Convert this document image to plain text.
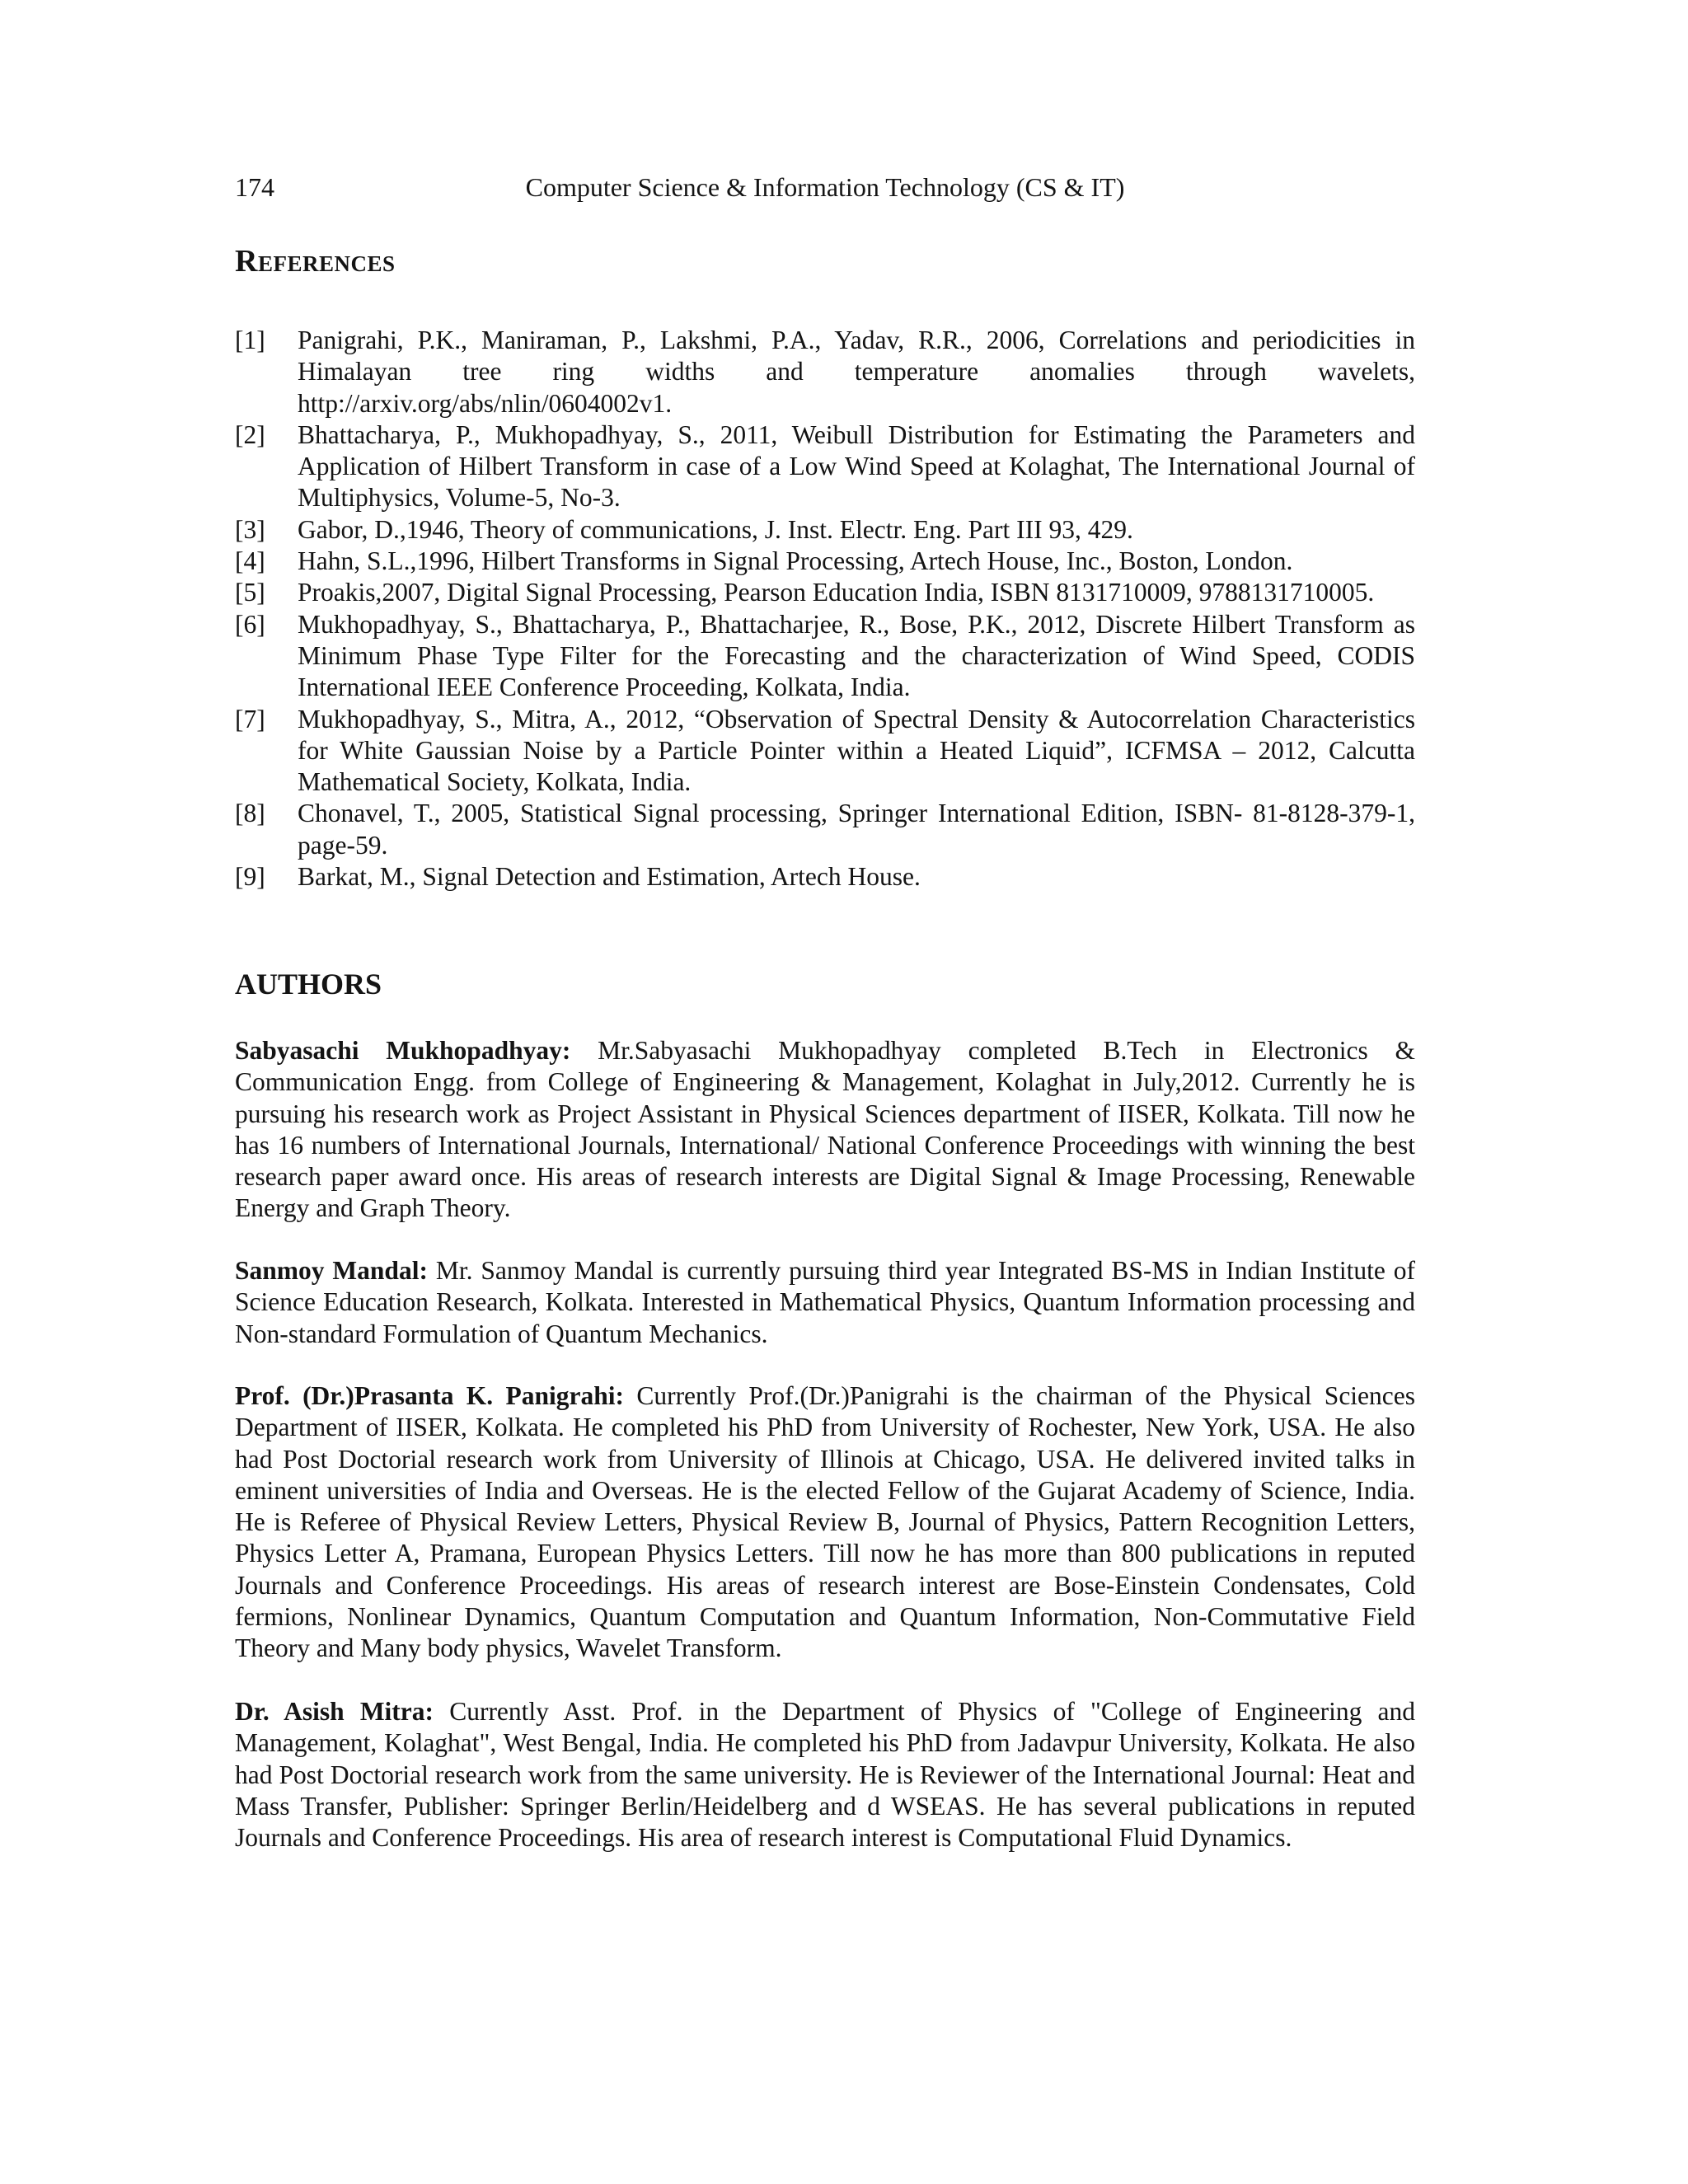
174	Computer Science & Information Technology (CS & IT)
References
[1] Panigrahi, P.K., Maniraman, P., Lakshmi, P.A., Yadav, R.R., 2006, Correlations and periodicities in Himalayan tree ring widths and temperature anomalies through wavelets, http://arxiv.org/abs/nlin/0604002v1.
[2] Bhattacharya, P., Mukhopadhyay, S., 2011, Weibull Distribution for Estimating the Parameters and Application of Hilbert Transform in case of a Low Wind Speed at Kolaghat, The International Journal of Multiphysics, Volume-5, No-3.
[3] Gabor, D.,1946, Theory of communications, J. Inst. Electr. Eng. Part III 93, 429.
[4] Hahn, S.L.,1996, Hilbert Transforms in Signal Processing, Artech House, Inc., Boston, London.
[5] Proakis,2007, Digital Signal Processing, Pearson Education India, ISBN 8131710009, 9788131710005.
[6] Mukhopadhyay, S., Bhattacharya, P., Bhattacharjee, R., Bose, P.K., 2012, Discrete Hilbert Transform as Minimum Phase Type Filter for the Forecasting and the characterization of Wind Speed, CODIS International IEEE Conference Proceeding, Kolkata, India.
[7] Mukhopadhyay, S., Mitra, A., 2012, “Observation of Spectral Density & Autocorrelation Characteristics for White Gaussian Noise by a Particle Pointer within a Heated Liquid”, ICFMSA – 2012, Calcutta Mathematical Society, Kolkata, India.
[8] Chonavel, T., 2005, Statistical Signal processing, Springer International Edition, ISBN- 81-8128-379-1, page-59.
[9] Barkat, M., Signal Detection and Estimation, Artech House.
AUTHORS

Sabyasachi Mukhopadhyay: Mr.Sabyasachi Mukhopadhyay completed B.Tech in Electronics & Communication Engg. from College of Engineering & Management, Kolaghat in July,2012. Currently he is pursuing his research work as Project Assistant in Physical Sciences department of IISER, Kolkata. Till now he has 16 numbers of International Journals, International/ National Conference Proceedings with winning the best research paper award once. His areas of research interests are Digital Signal & Image Processing, Renewable Energy and Graph Theory.

Sanmoy Mandal: Mr. Sanmoy Mandal is currently pursuing third year Integrated BS-MS in Indian Institute of Science Education Research, Kolkata. Interested in Mathematical Physics, Quantum Information processing and Non-standard Formulation of Quantum Mechanics.

Prof. (Dr.)Prasanta K. Panigrahi: Currently Prof.(Dr.)Panigrahi is the chairman of the Physical Sciences Department of IISER, Kolkata. He completed his PhD from University of Rochester, New York, USA. He also had Post Doctorial research work from University of Illinois at Chicago, USA. He delivered invited talks in eminent universities of India and Overseas. He is the elected Fellow of the Gujarat Academy of Science, India. He is Referee of Physical Review Letters, Physical Review B, Journal of Physics, Pattern Recognition Letters, Physics Letter A, Pramana, European Physics Letters. Till now he has more than 800 publications in reputed Journals and Conference Proceedings. His areas of research interest are Bose-Einstein Condensates, Cold fermions, Nonlinear Dynamics, Quantum Computation and Quantum Information, Non-Commutative Field Theory and Many body physics, Wavelet Transform.

Dr. Asish Mitra: Currently Asst. Prof. in the Department of Physics of "College of Engineering and Management, Kolaghat", West Bengal, India. He completed his PhD from Jadavpur University, Kolkata. He also had Post Doctorial research work from the same university. He is Reviewer of the International Journal: Heat and Mass Transfer, Publisher: Springer Berlin/Heidelberg and d WSEAS. He has several publications in reputed Journals and Conference Proceedings. His area of research interest is Computational Fluid Dynamics.
